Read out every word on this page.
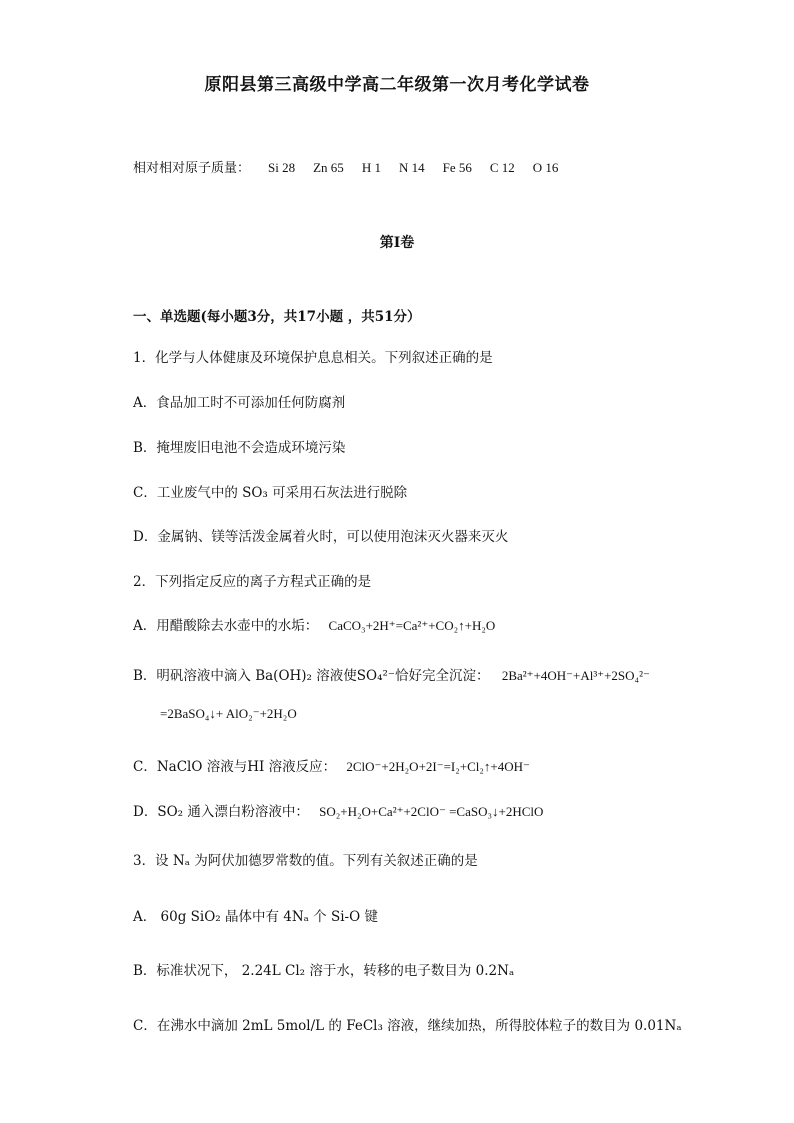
原阳县第三高级中学高二年级第一次月考化学试卷
相对相对原子质量： Si 28 Zn 65 H 1 N 14 Fe 56 C 12 O 16
第I卷
一、单选题(每小题3分，共17小题 ，共51分）
1．化学与人体健康及环境保护息息相关。下列叙述正确的是
A．食品加工时不可添加任何防腐剂
B．掩埋废旧电池不会造成环境污染
C．工业废气中的 SO₃ 可采用石灰法进行脱除
D．金属钠、镁等活泼金属着火时，可以使用泡沫灭火器来灭火
2．下列指定反应的离子方程式正确的是
A．用醋酸除去水壶中的水垢： CaCO₃+2H⁺=Ca²⁺+CO₂↑+H₂O
B．明矾溶液中滴入 Ba(OH)₂ 溶液使SO₄²⁻恰好完全沉淀： 2Ba²⁺+4OH⁻+Al³⁺+2SO₄²⁻
=2BaSO₄↓+ AlO₂⁻+2H₂O
C．NaClO 溶液与HI 溶液反应： 2ClO⁻+2H₂O+2I⁻=I₂+Cl₂↑+4OH⁻
D．SO₂ 通入漂白粉溶液中： SO₂+H₂O+Ca²⁺+2ClO⁻ =CaSO₃↓+2HClO
3．设 Nₐ 为阿伏加德罗常数的值。下列有关叙述正确的是
A． 60g SiO₂ 晶体中有 4Nₐ 个 Si-O 键
B．标准状况下， 2.24L Cl₂ 溶于水，转移的电子数目为 0.2Nₐ
C．在沸水中滴加 2mL 5mol/L 的 FeCl₃ 溶液，继续加热，所得胶体粒子的数目为 0.01Nₐ
